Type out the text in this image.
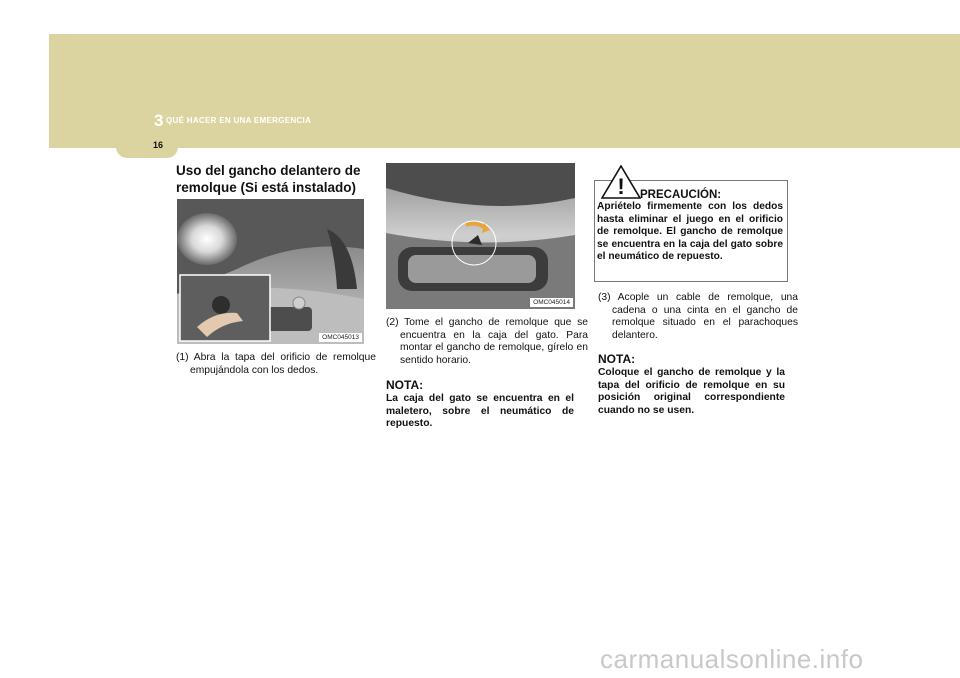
3 QUÉ HACER EN UNA EMERGENCIA
16
Uso del gancho delantero de remolque (Si está instalado)
OMC045013
(1) Abra la tapa del orificio de remolque empujándola con los dedos.
OMC045014
(2) Tome el gancho de remolque que se encuentra en la caja del gato. Para montar el gancho de remolque, gírelo en sentido horario.
NOTA:
La caja del gato se encuentra en el maletero, sobre el neumático de repuesto.
! PRECAUCIÓN:
Apriételo firmemente con los dedos hasta eliminar el juego en el orificio de remolque. El gancho de remolque se encuentra en la caja del gato sobre el neumático de repuesto.
(3) Acople un cable de remolque, una cadena o una cinta en el gancho de remolque situado en el parachoques delantero.
NOTA:
Coloque el gancho de remolque y la tapa del orificio de remolque en su posición original correspondiente cuando no se usen.
carmanualsonline.info
